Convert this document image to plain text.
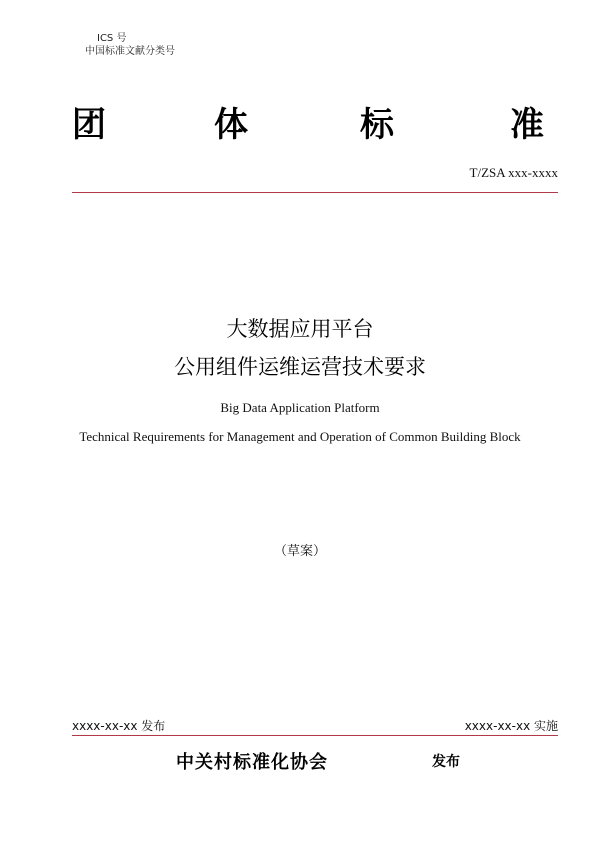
ICS 号
中国标准文献分类号
团	体	标	准
T/ZSA xxx-xxxx
大数据应用平台
公用组件运维运营技术要求
Big Data Application Platform
Technical Requirements for Management and Operation of Common Building Block
（草案）
xxxx-xx-xx 发布	xxxx-xx-xx 实施
中关村标准化协会	发布
